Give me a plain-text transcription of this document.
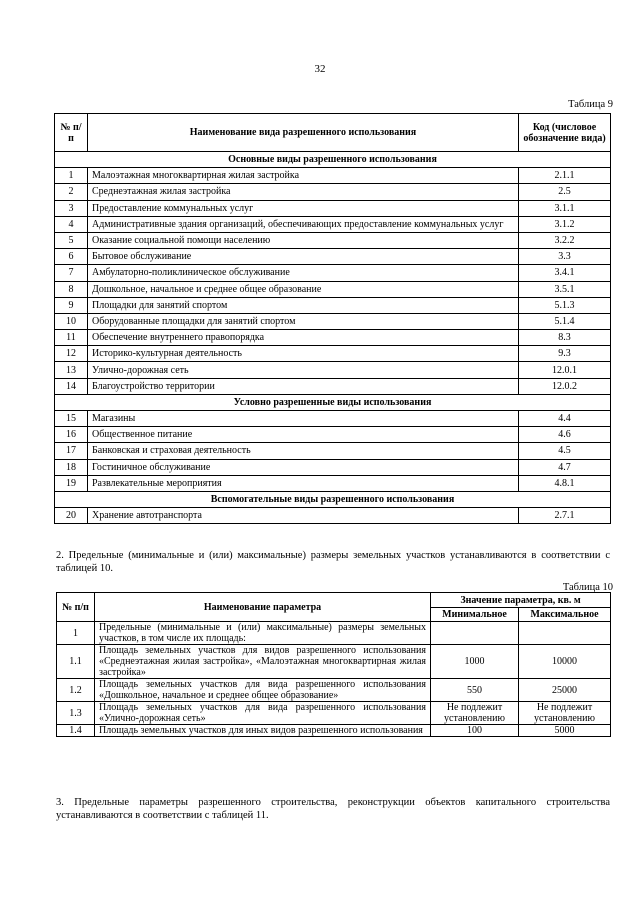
32
Таблица 9
№ п/п	Наименование вида разрешенного использования	Код (числовое обозначение вида)
Основные виды разрешенного использования		
1	Малоэтажная многоквартирная жилая застройка	2.1.1
2	Среднеэтажная жилая застройка	2.5
3	Предоставление коммунальных услуг	3.1.1
4	Административные здания организаций, обеспечивающих предоставление коммунальных услуг	3.1.2
5	Оказание социальной помощи населению	3.2.2
6	Бытовое обслуживание	3.3
7	Амбулаторно-поликлиническое обслуживание	3.4.1
8	Дошкольное, начальное и среднее общее образование	3.5.1
9	Площадки для занятий спортом	5.1.3
10	Оборудованные площадки для занятий спортом	5.1.4
11	Обеспечение внутреннего правопорядка	8.3
12	Историко-культурная деятельность	9.3
13	Улично-дорожная сеть	12.0.1
14	Благоустройство территории	12.0.2
Условно разрешенные виды использования		
15	Магазины	4.4
16	Общественное питание	4.6
17	Банковская и страховая деятельность	4.5
18	Гостиничное обслуживание	4.7
19	Развлекательные мероприятия	4.8.1
Вспомогательные виды разрешенного использования		
20	Хранение автотранспорта	2.7.1
2. Предельные (минимальные и (или) максимальные) размеры земельных участков устанавливаются в соответствии с таблицей 10.
Таблица 10
№ п/п	Наименование параметра	Значение параметра, кв. м	
		Минимальное	Максимальное
1	Предельные (минимальные и (или) максимальные) размеры земельных участков, в том числе их площадь:		
1.1	Площадь земельных участков для видов разрешенного использования «Среднеэтажная жилая застройка», «Малоэтажная многоквартирная жилая застройка»	1000	10000
1.2	Площадь земельных участков для вида разрешенного использования «Дошкольное, начальное и среднее общее образование»	550	25000
1.3	Площадь земельных участков для вида разрешенного использования «Улично-дорожная сеть»	Не подлежит установлению	Не подлежит установлению
1.4	Площадь земельных участков для иных видов разрешенного использования	100	5000
3. Предельные параметры разрешенного строительства, реконструкции объектов капитального строительства устанавливаются в соответствии с таблицей 11.
